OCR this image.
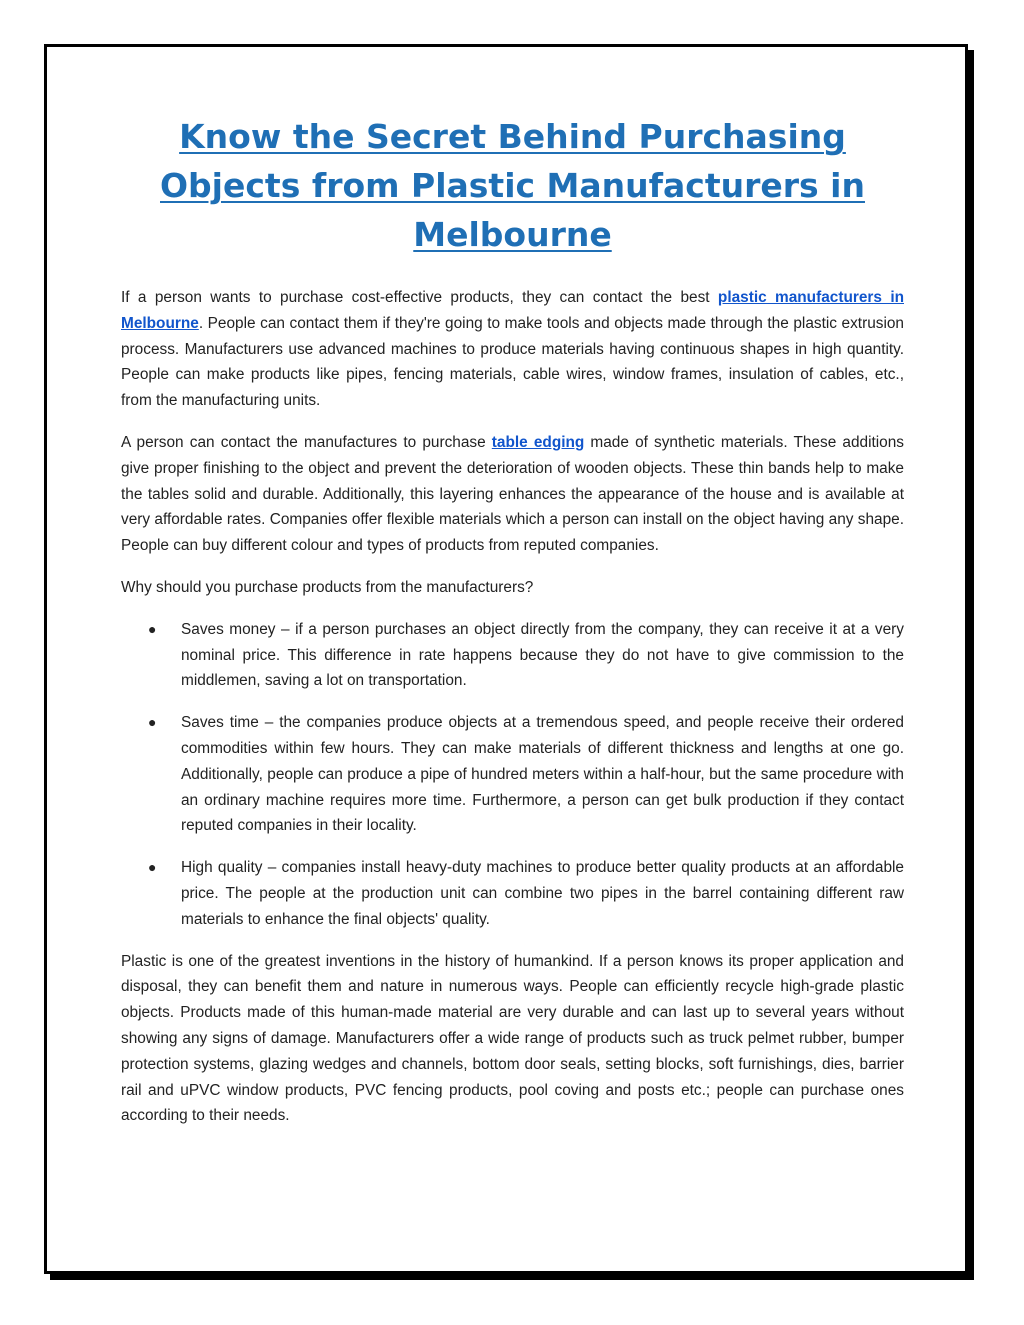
Know the Secret Behind Purchasing Objects from Plastic Manufacturers in Melbourne

If a person wants to purchase cost-effective products, they can contact the best plastic manufacturers in Melbourne. People can contact them if they're going to make tools and objects made through the plastic extrusion process. Manufacturers use advanced machines to produce materials having continuous shapes in high quantity. People can make products like pipes, fencing materials, cable wires, window frames, insulation of cables, etc., from the manufacturing units.

A person can contact the manufactures to purchase table edging made of synthetic materials. These additions give proper finishing to the object and prevent the deterioration of wooden objects. These thin bands help to make the tables solid and durable. Additionally, this layering enhances the appearance of the house and is available at very affordable rates. Companies offer flexible materials which a person can install on the object having any shape. People can buy different colour and types of products from reputed companies.

Why should you purchase products from the manufacturers?

● Saves money – if a person purchases an object directly from the company, they can receive it at a very nominal price. This difference in rate happens because they do not have to give commission to the middlemen, saving a lot on transportation.
● Saves time – the companies produce objects at a tremendous speed, and people receive their ordered commodities within few hours. They can make materials of different thickness and lengths at one go. Additionally, people can produce a pipe of hundred meters within a half-hour, but the same procedure with an ordinary machine requires more time. Furthermore, a person can get bulk production if they contact reputed companies in their locality.
● High quality – companies install heavy-duty machines to produce better quality products at an affordable price. The people at the production unit can combine two pipes in the barrel containing different raw materials to enhance the final objects' quality.

Plastic is one of the greatest inventions in the history of humankind. If a person knows its proper application and disposal, they can benefit them and nature in numerous ways. People can efficiently recycle high-grade plastic objects. Products made of this human-made material are very durable and can last up to several years without showing any signs of damage. Manufacturers offer a wide range of products such as truck pelmet rubber, bumper protection systems, glazing wedges and channels, bottom door seals, setting blocks, soft furnishings, dies, barrier rail and uPVC window products, PVC fencing products, pool coving and posts etc.; people can purchase ones according to their needs.
